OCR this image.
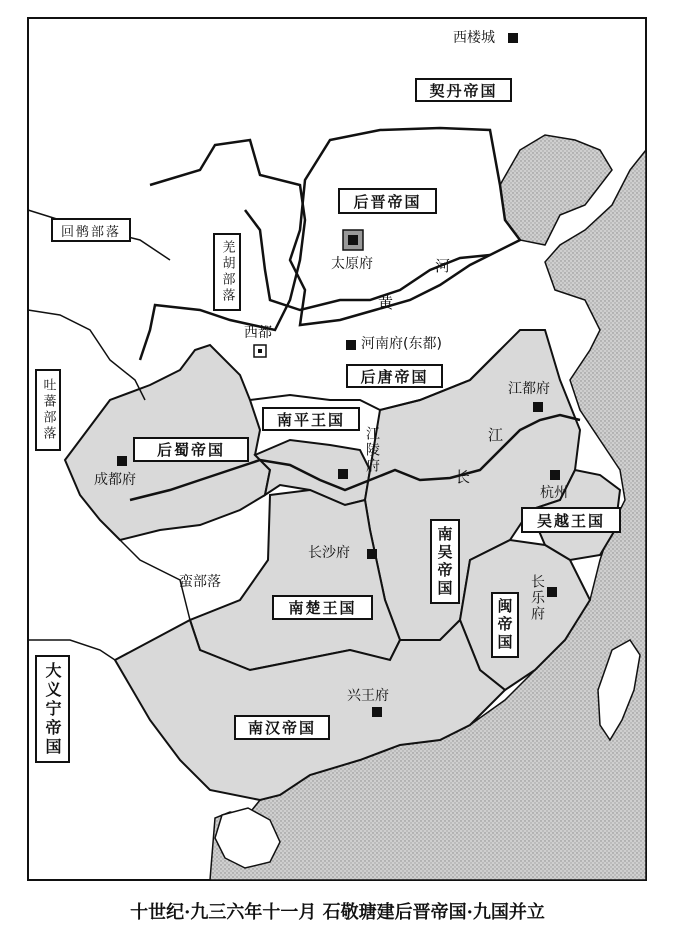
西楼城
太原府
西都
河南府(东都)
江都府
江陵府
成都府
杭州
长沙府
长乐府
兴王府
契丹帝国
后晋帝国
后唐帝国
南平王国
后蜀帝国
吴越王国
南楚王国
南汉帝国
南吴帝国
闽帝国
大义宁帝国
回鹘部落
羌胡部落
吐蕃部落
蛮部落
河
黄
江
长
十世纪·九三六年十一月 石敬瑭建后晋帝国·九国并立
